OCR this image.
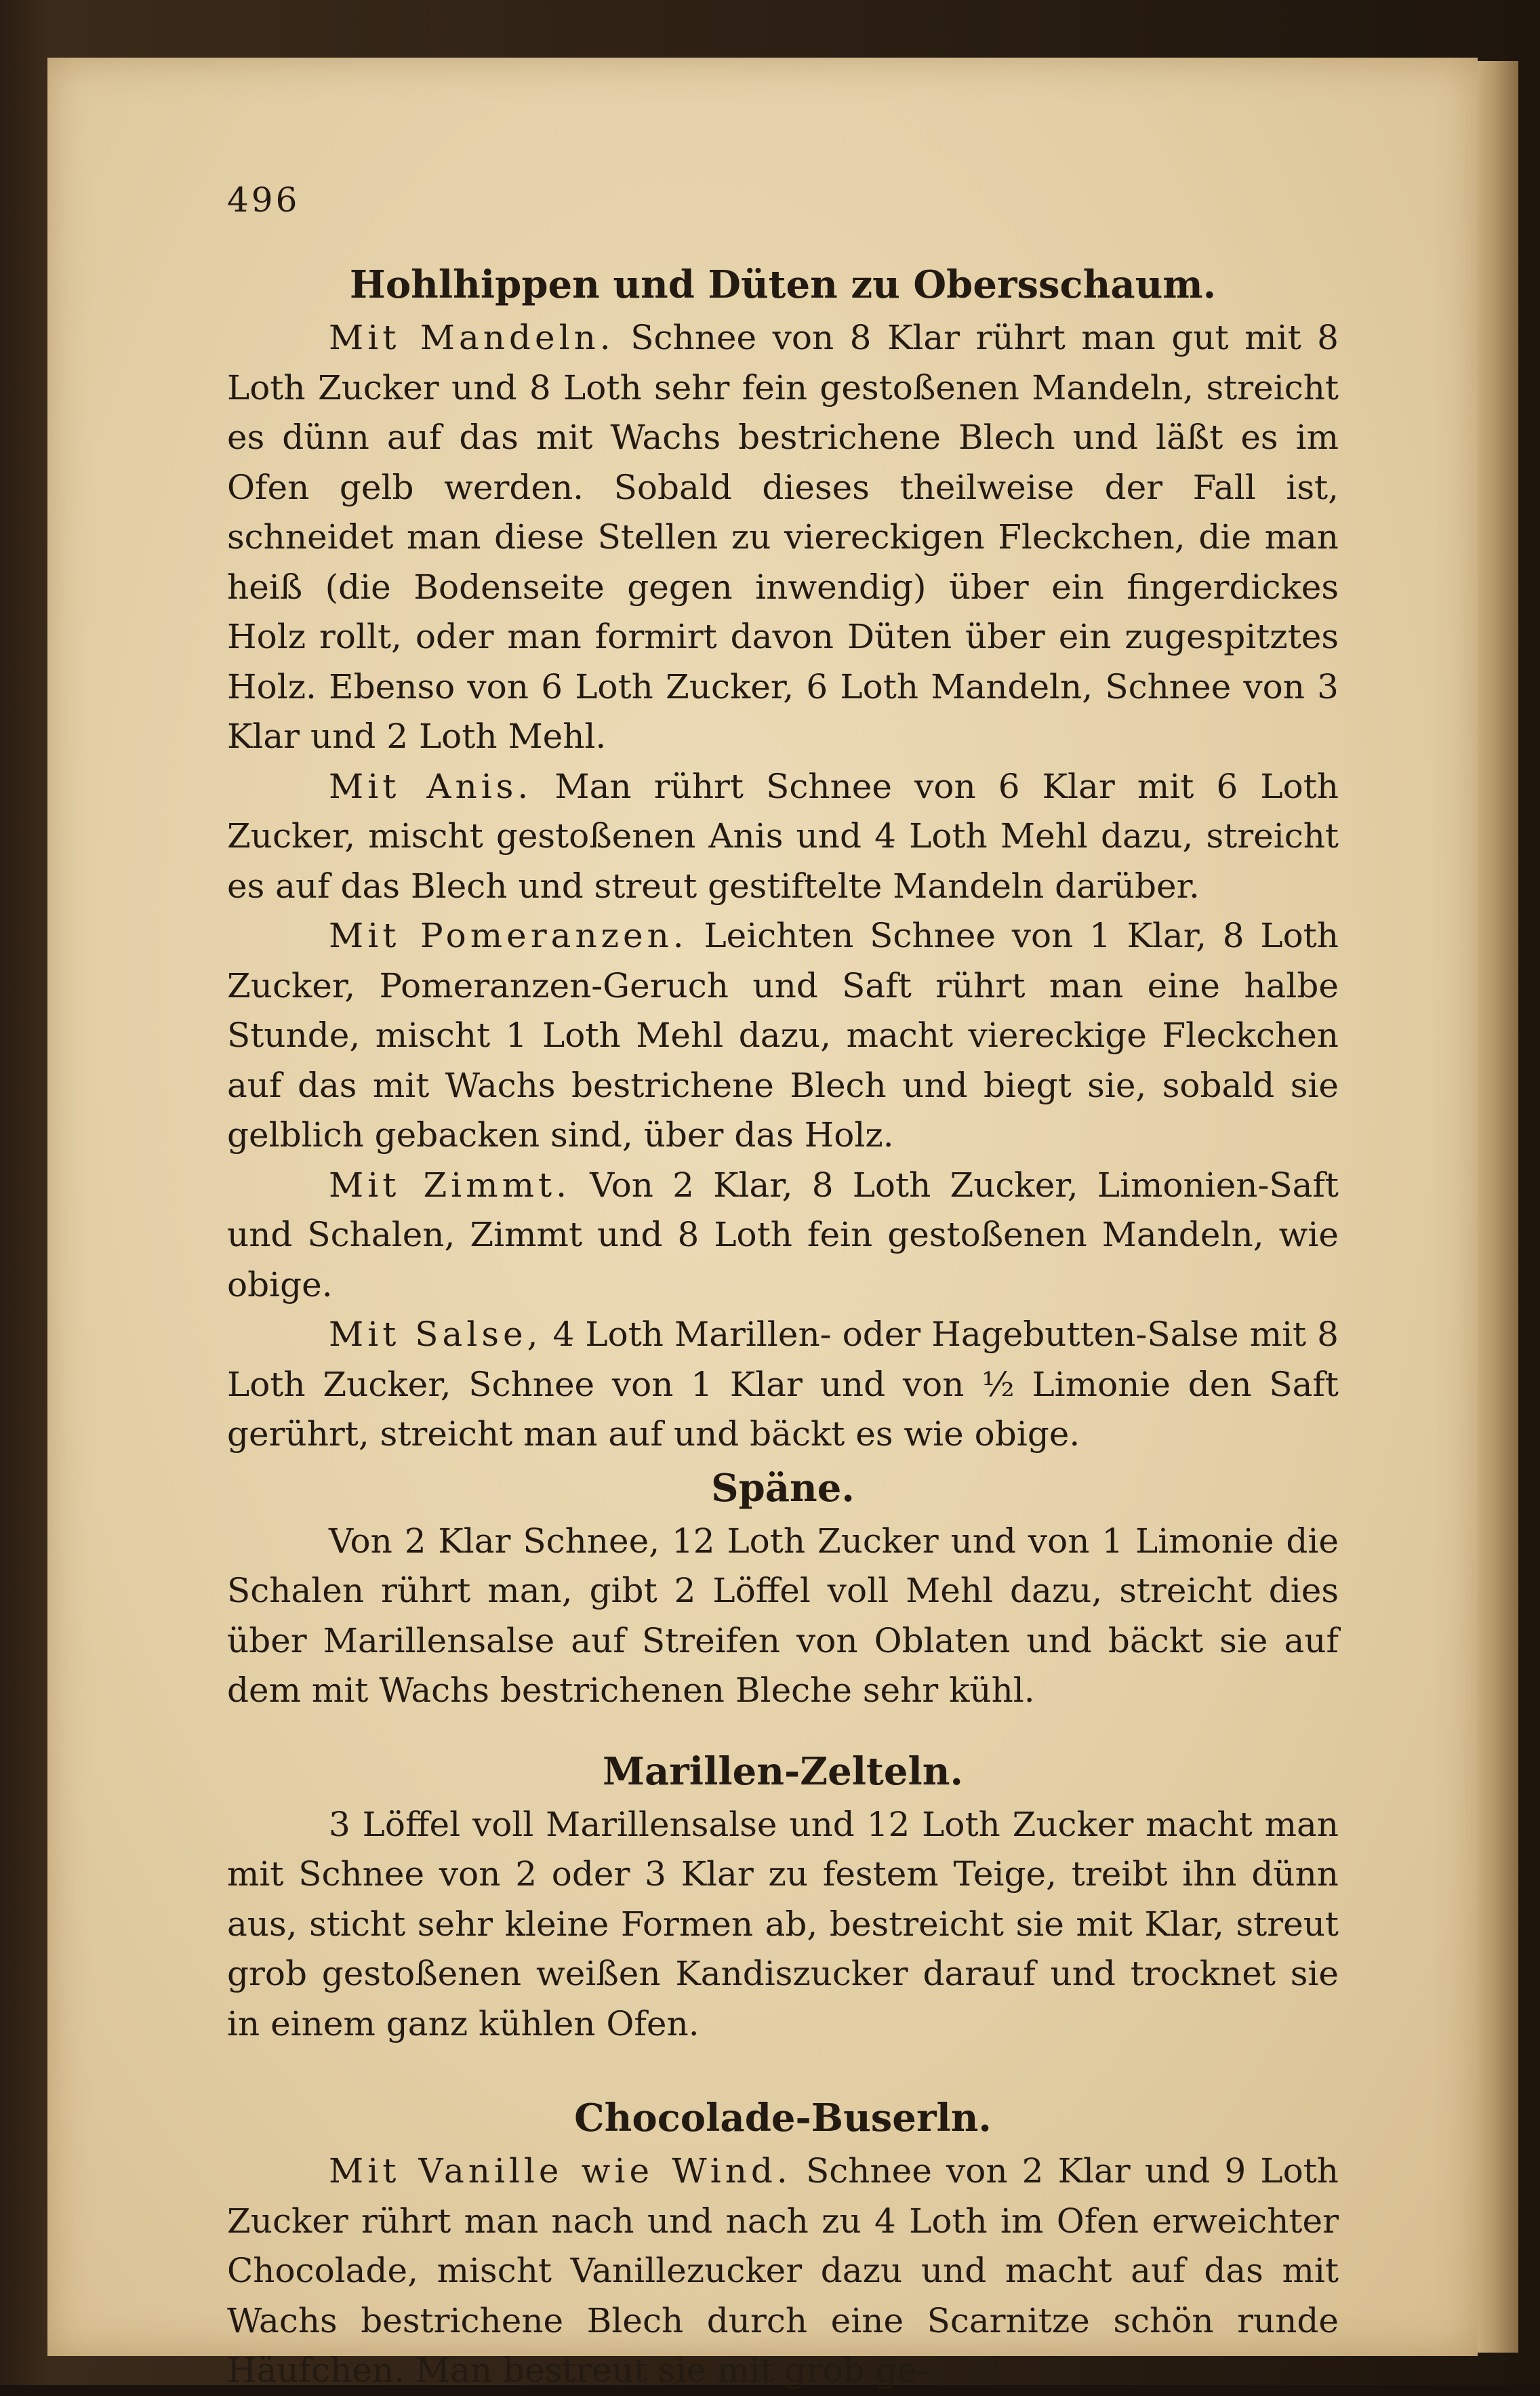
496
Hohlhippen und Düten zu Obersschaum.

Mit Mandeln. Schnee von 8 Klar rührt man gut mit 8 Loth Zucker und 8 Loth sehr fein gestoßenen Mandeln, streicht es dünn auf das mit Wachs bestrichene Blech und läßt es im Ofen gelb werden. Sobald dieses theilweise der Fall ist, schneidet man diese Stellen zu viereckigen Fleckchen, die man heiß (die Bodenseite gegen inwendig) über ein fingerdickes Holz rollt, oder man formirt davon Düten über ein zugespitztes Holz. Ebenso von 6 Loth Zucker, 6 Loth Mandeln, Schnee von 3 Klar und 2 Loth Mehl.

Mit Anis. Man rührt Schnee von 6 Klar mit 6 Loth Zucker, mischt gestoßenen Anis und 4 Loth Mehl dazu, streicht es auf das Blech und streut gestiftelte Mandeln darüber.

Mit Pomeranzen. Leichten Schnee von 1 Klar, 8 Loth Zucker, Pomeranzen-Geruch und Saft rührt man eine halbe Stunde, mischt 1 Loth Mehl dazu, macht viereckige Fleckchen auf das mit Wachs bestrichene Blech und biegt sie, sobald sie gelblich gebacken sind, über das Holz.

Mit Zimmt. Von 2 Klar, 8 Loth Zucker, Limonien-Saft und Schalen, Zimmt und 8 Loth fein gestoßenen Mandeln, wie obige.

Mit Salse, 4 Loth Marillen- oder Hagebutten-Salse mit 8 Loth Zucker, Schnee von 1 Klar und von ½ Limonie den Saft gerührt, streicht man auf und bäckt es wie obige.

Späne.

Von 2 Klar Schnee, 12 Loth Zucker und von 1 Limonie die Schalen rührt man, gibt 2 Löffel voll Mehl dazu, streicht dies über Marillensalse auf Streifen von Oblaten und bäckt sie auf dem mit Wachs bestrichenen Bleche sehr kühl.

Marillen-Zelteln.

3 Löffel voll Marillensalse und 12 Loth Zucker macht man mit Schnee von 2 oder 3 Klar zu festem Teige, treibt ihn dünn aus, sticht sehr kleine Formen ab, bestreicht sie mit Klar, streut grob gestoßenen weißen Kandiszucker darauf und trocknet sie in einem ganz kühlen Ofen.

Chocolade-Buserln.

Mit Vanille wie Wind. Schnee von 2 Klar und 9 Loth Zucker rührt man nach und nach zu 4 Loth im Ofen erweichter Chocolade, mischt Vanillezucker dazu und macht auf das mit Wachs bestrichene Blech durch eine Scarnitze schön runde Häufchen. Man bestreut sie mit grob ge-
